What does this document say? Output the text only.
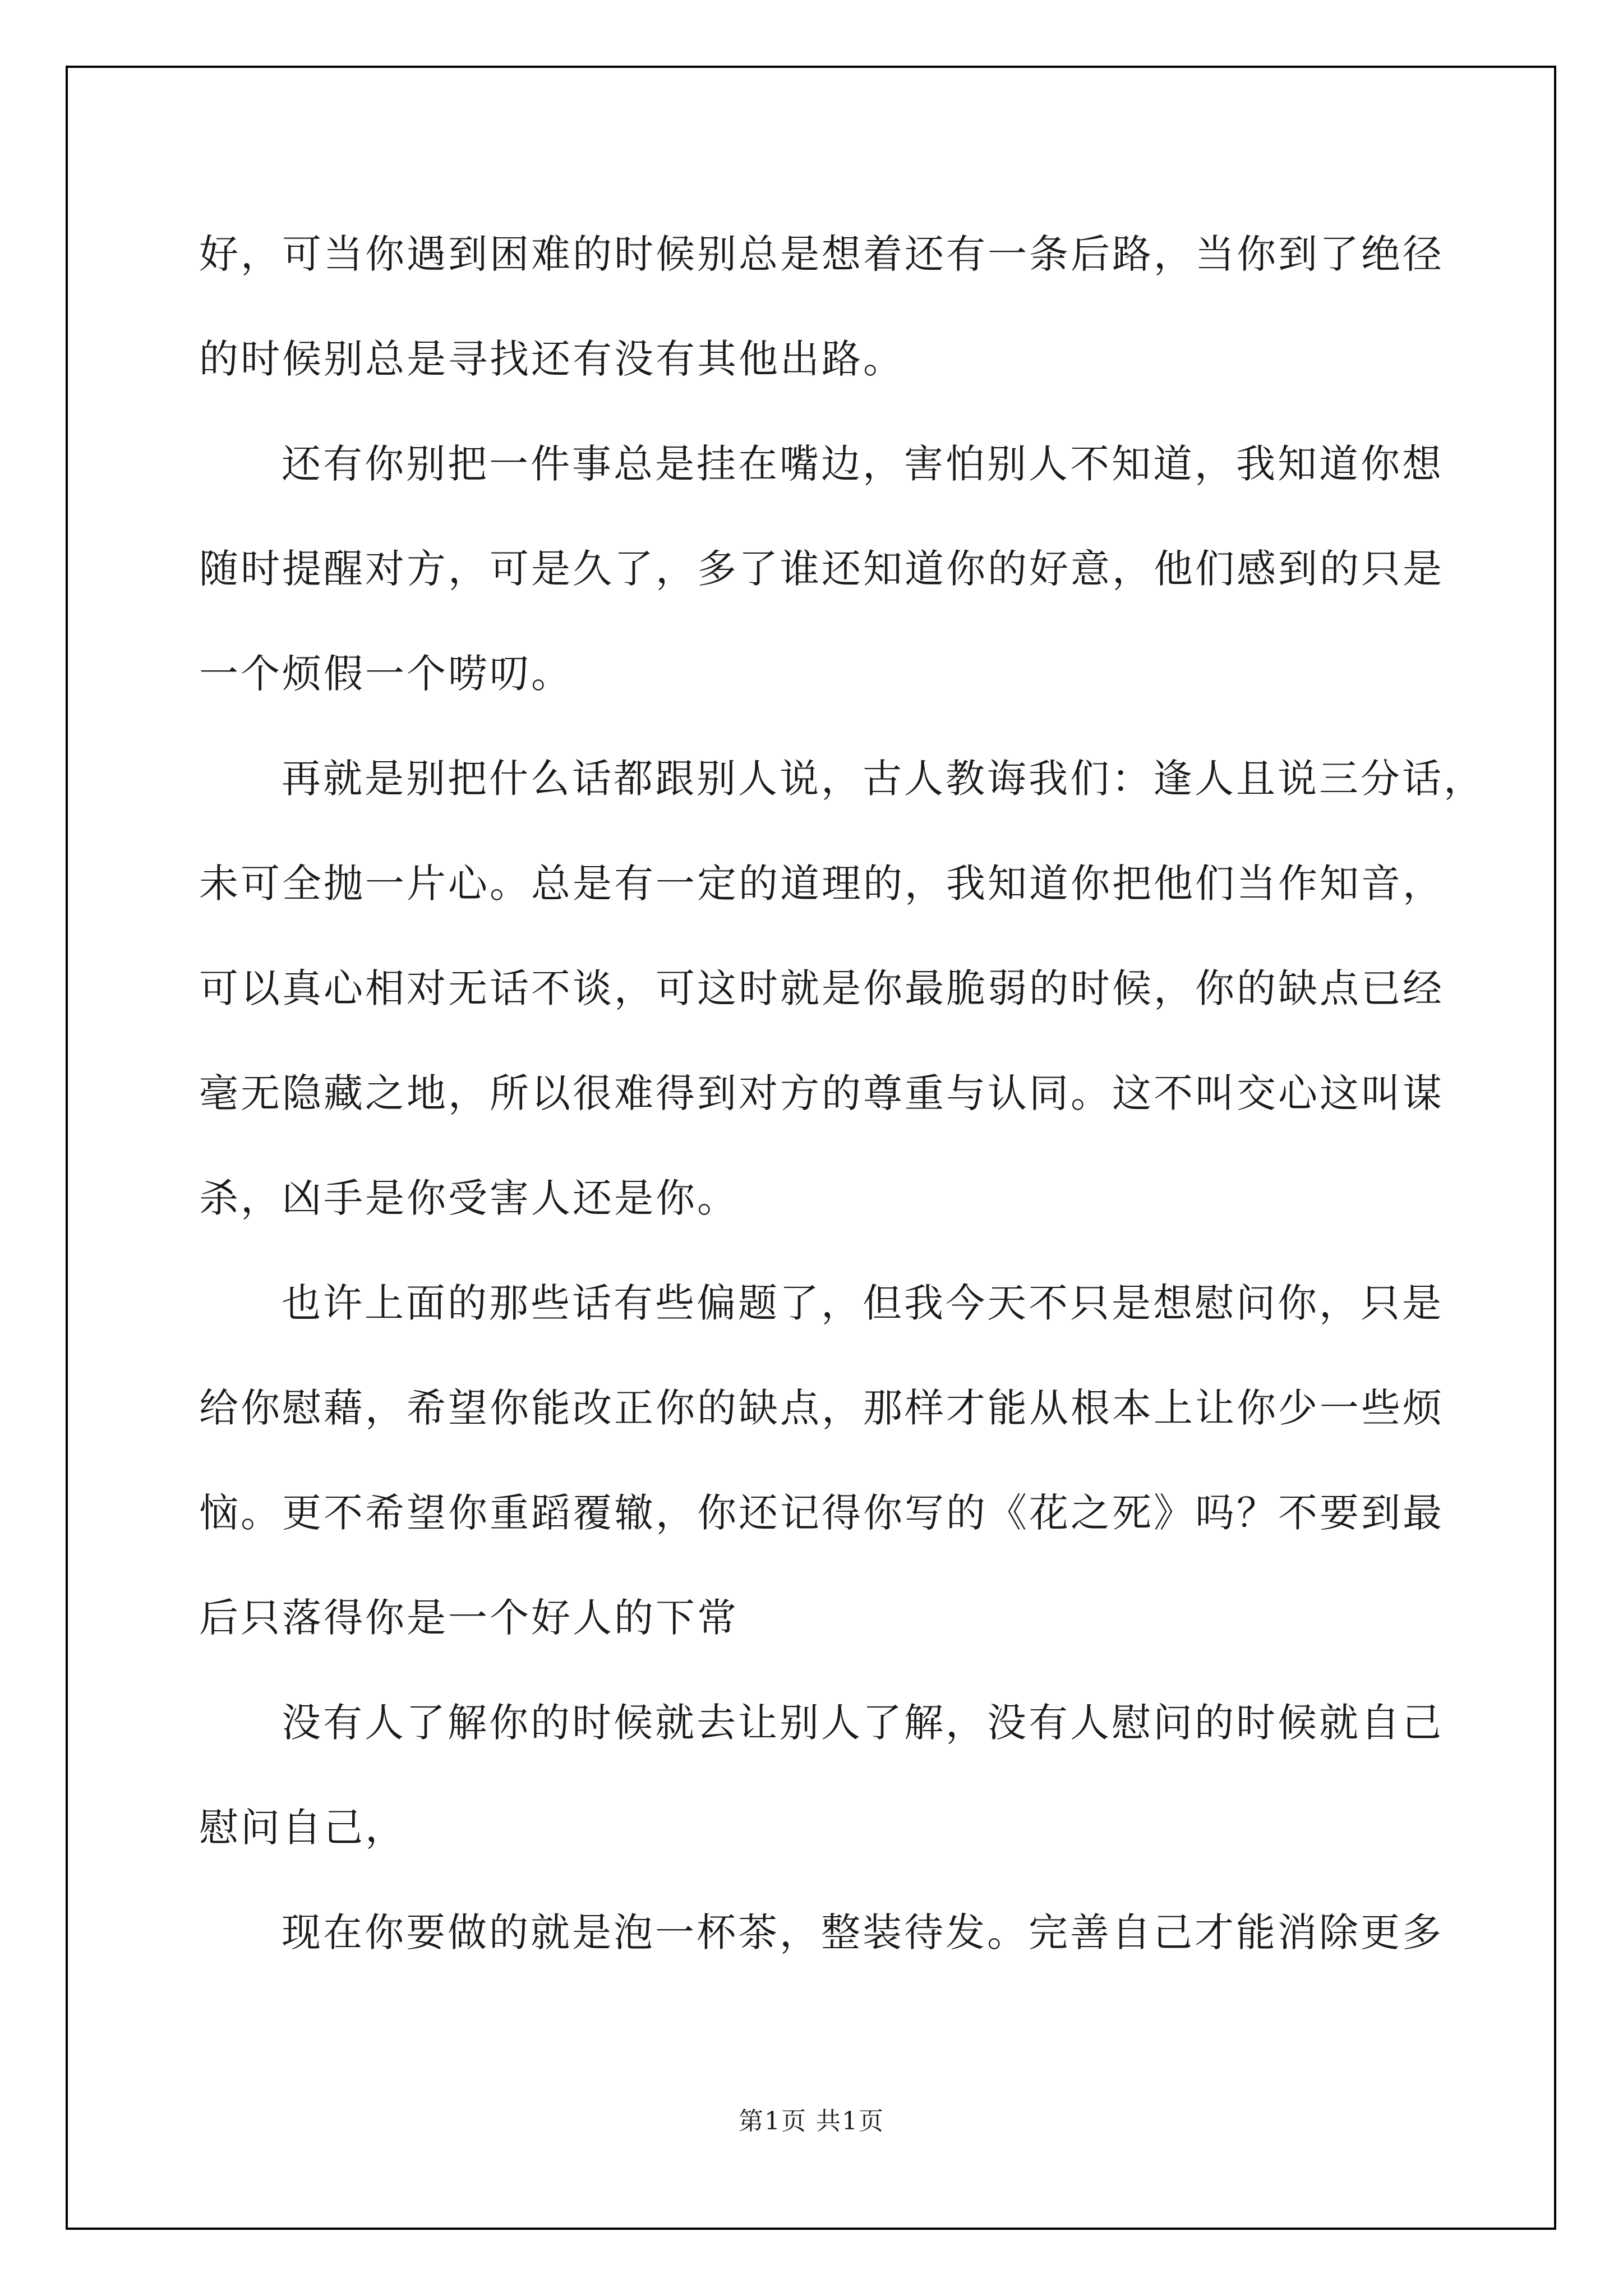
好，可当你遇到困难的时候别总是想着还有一条后路，当你到了绝径
的时候别总是寻找还有没有其他出路。
还有你别把一件事总是挂在嘴边，害怕别人不知道，我知道你想
随时提醒对方，可是久了，多了谁还知道你的好意，他们感到的只是
一个烦假一个唠叨。
再就是别把什么话都跟别人说，古人教诲我们：逢人且说三分话，
未可全抛一片心。总是有一定的道理的，我知道你把他们当作知音，
可以真心相对无话不谈，可这时就是你最脆弱的时候，你的缺点已经
毫无隐藏之地，所以很难得到对方的尊重与认同。这不叫交心这叫谋
杀，凶手是你受害人还是你。
也许上面的那些话有些偏题了，但我今天不只是想慰问你，只是
给你慰藉，希望你能改正你的缺点，那样才能从根本上让你少一些烦
恼。更不希望你重蹈覆辙，你还记得你写的《花之死》吗？不要到最
后只落得你是一个好人的下常
没有人了解你的时候就去让别人了解，没有人慰问的时候就自己
慰问自己，
现在你要做的就是泡一杯茶，整装待发。完善自己才能消除更多
第1页 共1页
